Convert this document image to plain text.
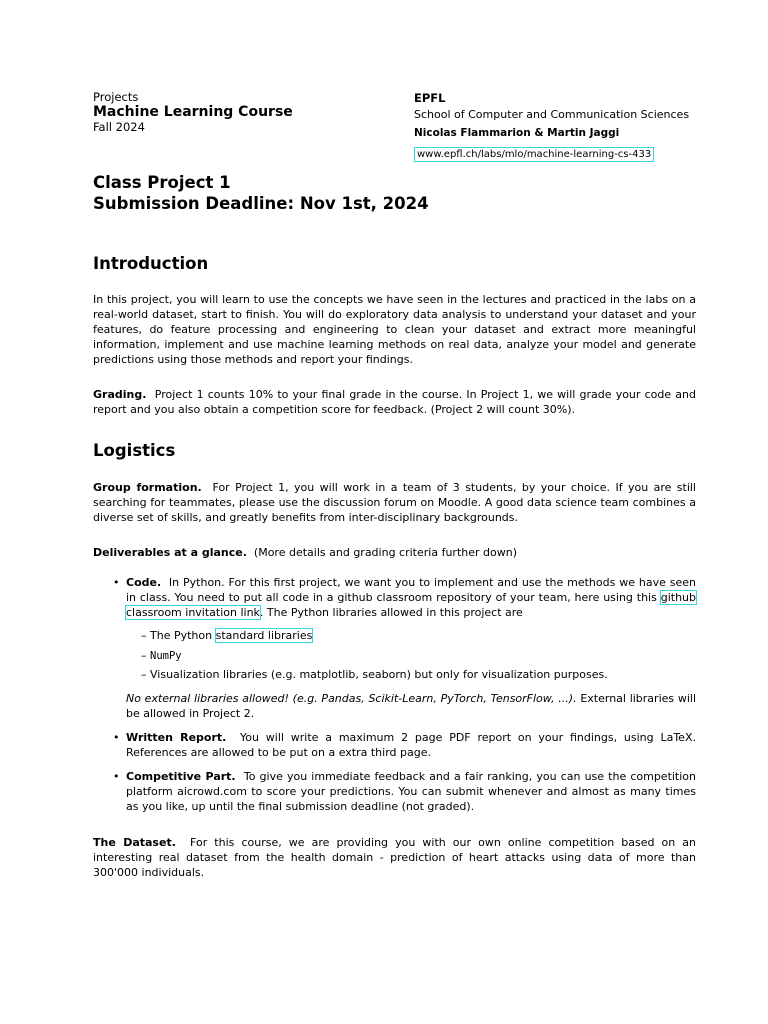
Projects
Machine Learning Course
Fall 2024
EPFL
School of Computer and Communication Sciences
Nicolas Flammarion & Martin Jaggi
www.epfl.ch/labs/mlo/machine-learning-cs-433
Class Project 1
Submission Deadline: Nov 1st, 2024
Introduction

In this project, you will learn to use the concepts we have seen in the lectures and practiced in the labs on a real-world dataset, start to finish. You will do exploratory data analysis to understand your dataset and your features, do feature processing and engineering to clean your dataset and extract more meaningful information, implement and use machine learning methods on real data, analyze your model and generate predictions using those methods and report your findings.

Grading. Project 1 counts 10% to your final grade in the course. In Project 1, we will grade your code and report and you also obtain a competition score for feedback. (Project 2 will count 30%).

Logistics

Group formation. For Project 1, you will work in a team of 3 students, by your choice. If you are still searching for teammates, please use the discussion forum on Moodle. A good data science team combines a diverse set of skills, and greatly benefits from inter-disciplinary backgrounds.

Deliverables at a glance. (More details and grading criteria further down)

• Code. In Python. For this first project, we want you to implement and use the methods we have seen in class. You need to put all code in a github classroom repository of your team, here using this github classroom invitation link. The Python libraries allowed in this project are
– The Python standard libraries
– NumPy
– Visualization libraries (e.g. matplotlib, seaborn) but only for visualization purposes.
No external libraries allowed! (e.g. Pandas, Scikit-Learn, PyTorch, TensorFlow, ...). External libraries will be allowed in Project 2.
• Written Report. You will write a maximum 2 page PDF report on your findings, using LaTeX. References are allowed to be put on a extra third page.
• Competitive Part. To give you immediate feedback and a fair ranking, you can use the competition platform aicrowd.com to score your predictions. You can submit whenever and almost as many times as you like, up until the final submission deadline (not graded).

The Dataset. For this course, we are providing you with our own online competition based on an interesting real dataset from the health domain - prediction of heart attacks using data of more than 300'000 individuals.
